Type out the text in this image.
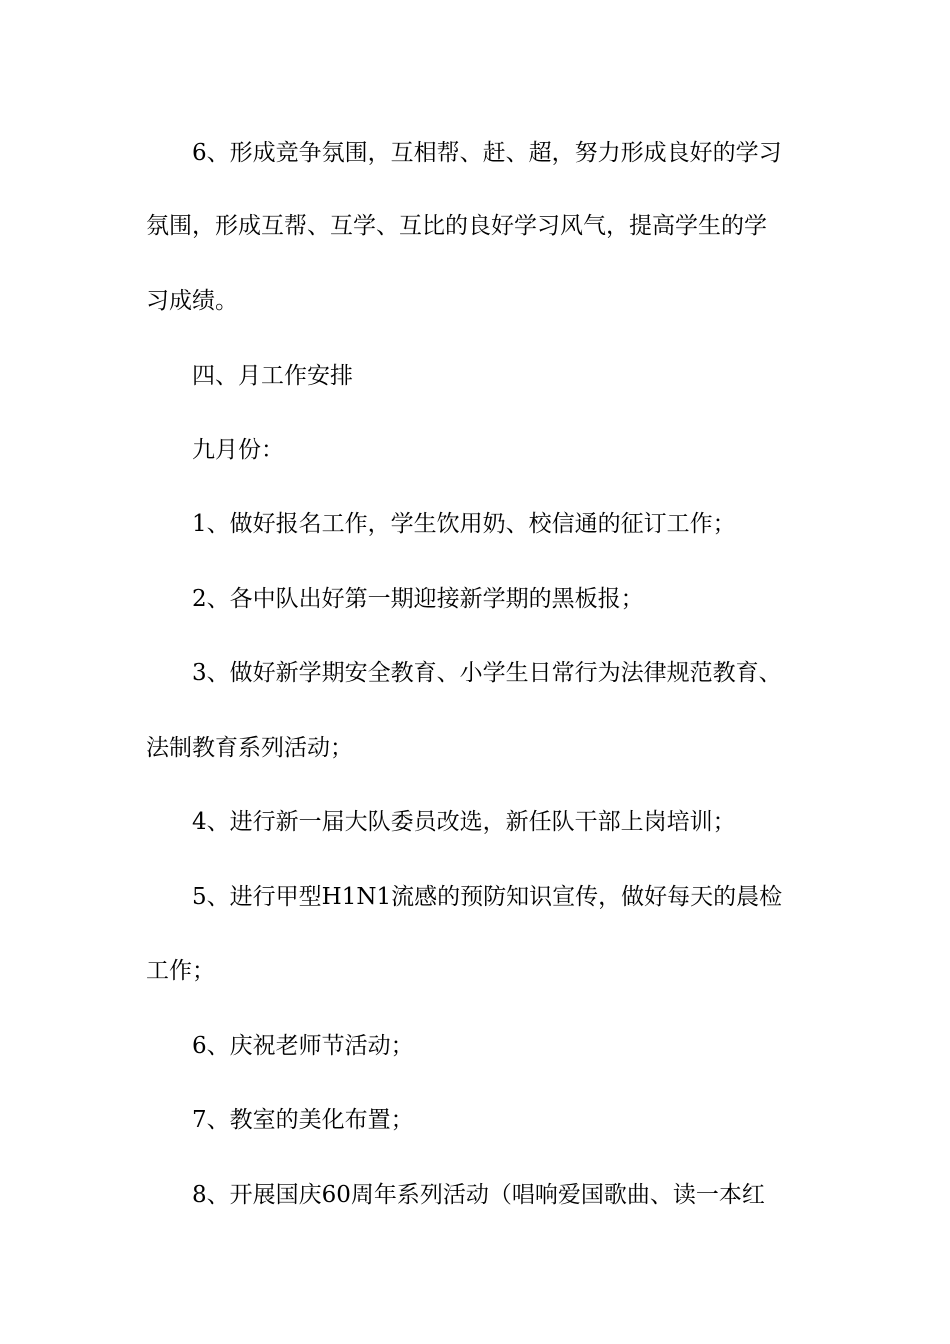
6、形成竞争氛围，互相帮、赶、超，努力形成良好的学习
氛围，形成互帮、互学、互比的良好学习风气，提高学生的学
习成绩。
四、月工作安排
九月份：
1、做好报名工作，学生饮用奶、校信通的征订工作；
2、各中队出好第一期迎接新学期的黑板报；
3、做好新学期安全教育、小学生日常行为法律规范教育、
法制教育系列活动；
4、进行新一届大队委员改选，新任队干部上岗培训；
5、进行甲型H1N1流感的预防知识宣传，做好每天的晨检
工作；
6、庆祝老师节活动；
7、教室的美化布置；
8、开展国庆60周年系列活动（唱响爱国歌曲、读一本红
